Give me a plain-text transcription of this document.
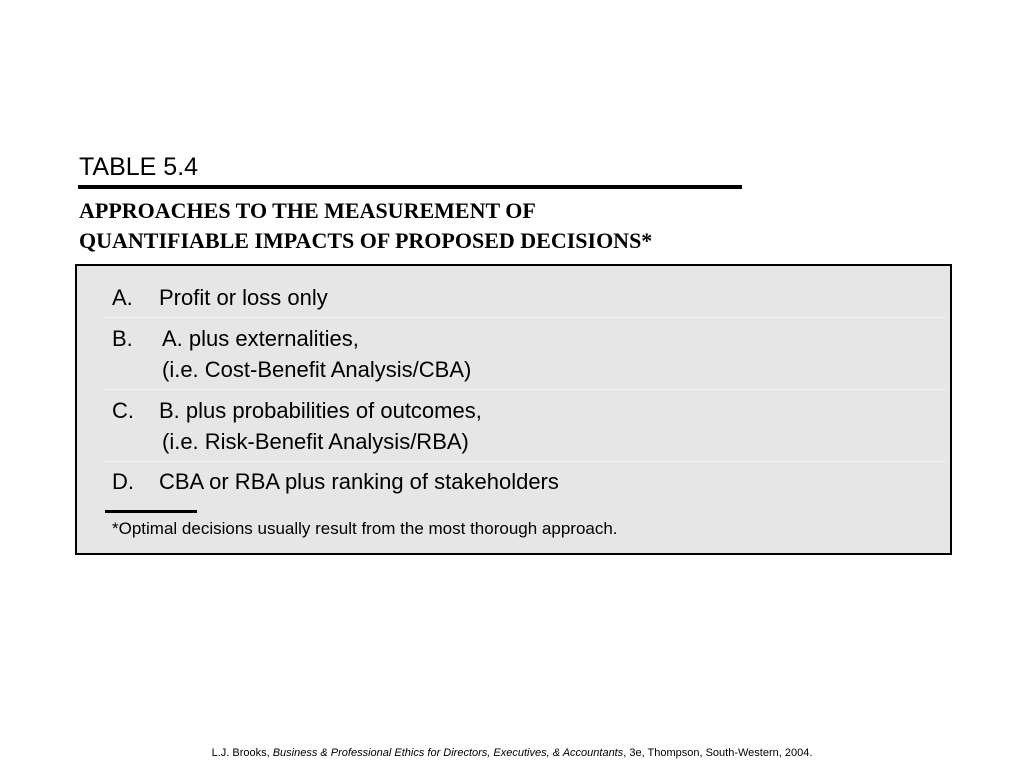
TABLE 5.4
APPROACHES TO THE MEASUREMENT OF
QUANTIFIABLE IMPACTS OF PROPOSED DECISIONS*
A. Profit or loss only
B. A. plus externalities,
(i.e. Cost-Benefit Analysis/CBA)
C. B. plus probabilities of outcomes,
(i.e. Risk-Benefit Analysis/RBA)
D. CBA or RBA plus ranking of stakeholders
*Optimal decisions usually result from the most thorough approach.
L.J. Brooks, Business & Professional Ethics for Directors, Executives, & Accountants, 3e, Thompson, South-Western, 2004.
